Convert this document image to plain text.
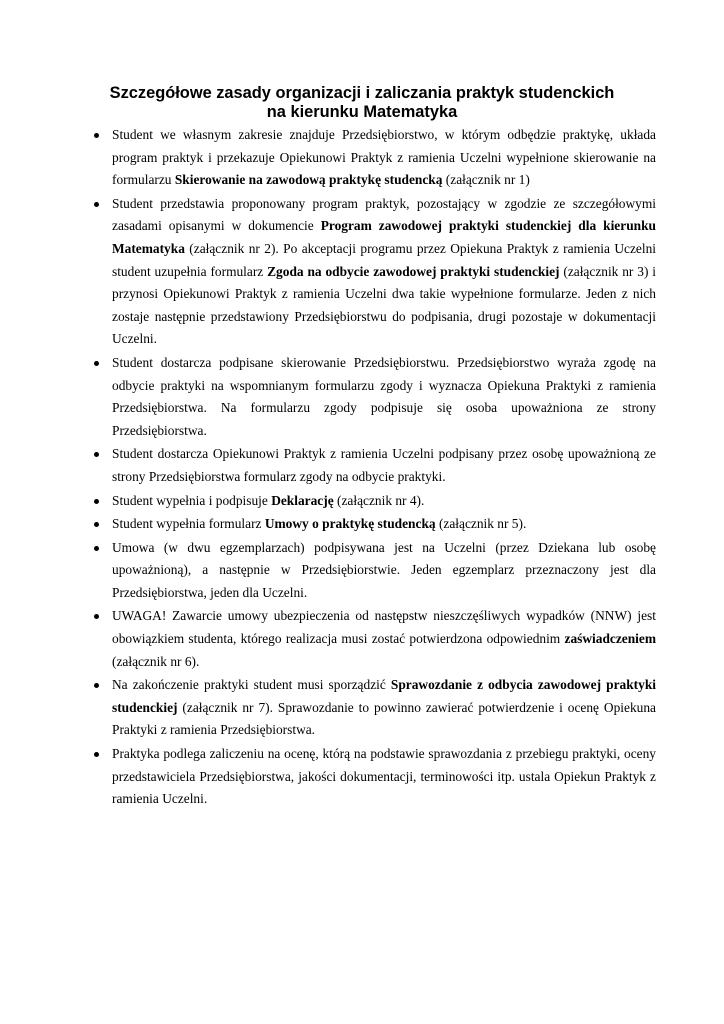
Szczegółowe zasady organizacji i zaliczania praktyk studenckich
na kierunku Matematyka
Student we własnym zakresie znajduje Przedsiębiorstwo, w którym odbędzie praktykę, układa program praktyk i przekazuje Opiekunowi Praktyk z ramienia Uczelni wypełnione skierowanie na formularzu Skierowanie na zawodową praktykę studencką (załącznik nr 1)
Student przedstawia proponowany program praktyk, pozostający w zgodzie ze szczegółowymi zasadami opisanymi w dokumencie Program zawodowej praktyki studenckiej dla kierunku Matematyka (załącznik nr 2). Po akceptacji programu przez Opiekuna Praktyk z ramienia Uczelni student uzupełnia formularz Zgoda na odbycie zawodowej praktyki studenckiej (załącznik nr 3) i przynosi Opiekunowi Praktyk z ramienia Uczelni dwa takie wypełnione formularze. Jeden z nich zostaje następnie przedstawiony Przedsiębiorstwu do podpisania, drugi pozostaje w dokumentacji Uczelni.
Student dostarcza podpisane skierowanie Przedsiębiorstwu. Przedsiębiorstwo wyraża zgodę na odbycie praktyki na wspomnianym formularzu zgody i wyznacza Opiekuna Praktyki z ramienia Przedsiębiorstwa. Na formularzu zgody podpisuje się osoba upoważniona ze strony Przedsiębiorstwa.
Student dostarcza Opiekunowi Praktyk z ramienia Uczelni podpisany przez osobę upoważnioną ze strony Przedsiębiorstwa formularz zgody na odbycie praktyki.
Student wypełnia i podpisuje Deklarację (załącznik nr 4).
Student wypełnia formularz Umowy o praktykę studencką (załącznik nr 5).
Umowa (w dwu egzemplarzach) podpisywana jest na Uczelni (przez Dziekana lub osobę upoważnioną), a następnie w Przedsiębiorstwie. Jeden egzemplarz przeznaczony jest dla Przedsiębiorstwa, jeden dla Uczelni.
UWAGA! Zawarcie umowy ubezpieczenia od następstw nieszczęśliwych wypadków (NNW) jest obowiązkiem studenta, którego realizacja musi zostać potwierdzona odpowiednim zaświadczeniem (załącznik nr 6).
Na zakończenie praktyki student musi sporządzić Sprawozdanie z odbycia zawodowej praktyki studenckiej (załącznik nr 7). Sprawozdanie to powinno zawierać potwierdzenie i ocenę Opiekuna Praktyki z ramienia Przedsiębiorstwa.
Praktyka podlega zaliczeniu na ocenę, którą na podstawie sprawozdania z przebiegu praktyki, oceny przedstawiciela Przedsiębiorstwa, jakości dokumentacji, terminowości itp. ustala Opiekun Praktyk z ramienia Uczelni.
